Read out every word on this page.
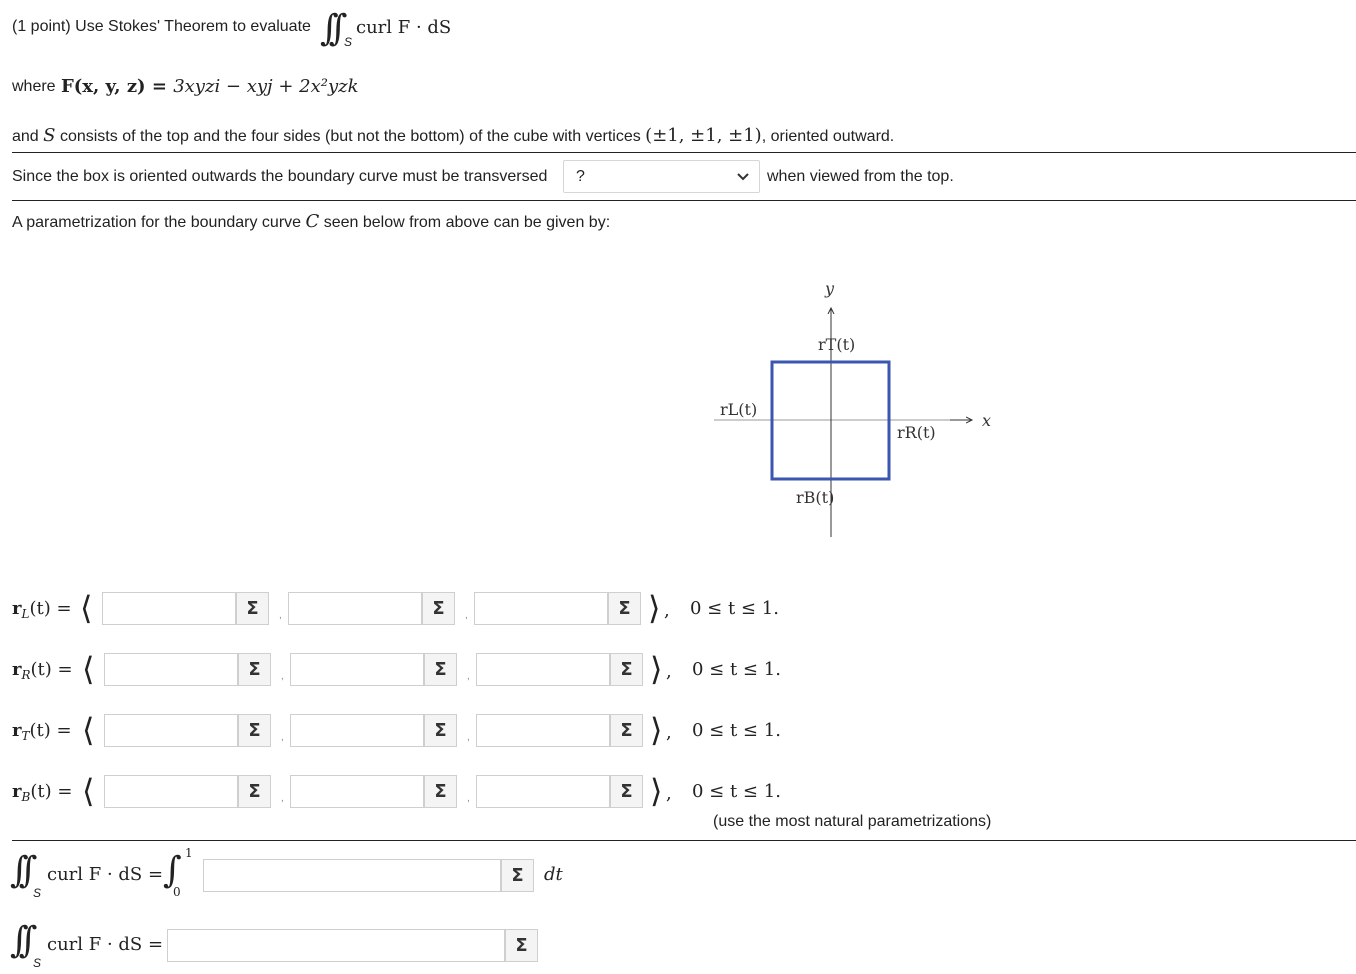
(1 point) Use Stokes' Theorem to evaluate ∫∫ S
curl F · dS
where F(x, y, z) = 3xyzi − xyj + 2x²yzk
and S consists of the top and the four sides (but not the bottom) of the cube with vertices (±1, ±1, ±1), oriented outward.
Since the box is oriented outwards the boundary curve must be transversed ?	when viewed from the top.
A parametrization for the boundary curve C seen below from above can be given by:
x
y
rT(t)
rL(t)
rR(t)
rB(t)
$r_L(t)$ = ⟨	Σ	,	Σ	,	Σ ⟩ , 0 ≤ t ≤ 1.
$r_R(t)$ = ⟨	Σ	,	Σ	,	Σ ⟩ , 0 ≤ t ≤ 1.
$r_T(t)$ = ⟨	Σ	,	Σ	,	Σ ⟩ , 0 ≤ t ≤ 1.
$r_B(t)$ = ⟨	Σ	,	Σ	,	Σ ⟩ , 0 ≤ t ≤ 1.
(use the most natural parametrizations)
∫∫
S
curl F · dS = ∫ 1
0
Σ	dt
∫∫
S
curl F · dS =	Σ
